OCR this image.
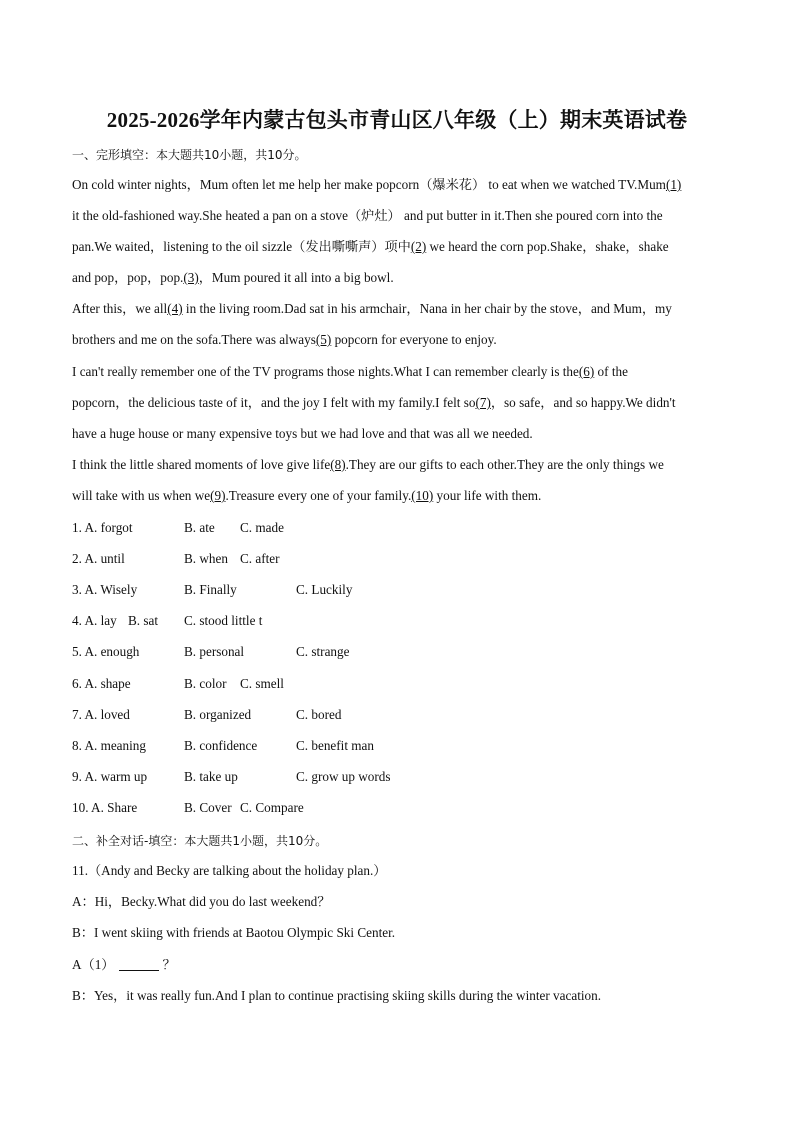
2025-2026学年内蒙古包头市青山区八年级（上）期末英语试卷
一、完形填空：本大题共10小题，共10分。
On cold winter nights，Mum often let me help her make popcorn（爆米花） to eat when we watched TV.Mum(1)
it the old-fashioned way.She heated a pan on a stove（炉灶） and put butter in it.Then she poured corn into the
pan.We waited，listening to the oil sizzle（发出嘶嘶声）项中(2) we heard the corn pop.Shake，shake，shake
and pop，pop，pop.(3)，Mum poured it all into a big bowl.
After this，we all(4) in the living room.Dad sat in his armchair，Nana in her chair by the stove，and Mum，my
brothers and me on the sofa.There was always(5) popcorn for everyone to enjoy.
I can't really remember one of the TV programs those nights.What I can remember clearly is the(6) of the
popcorn，the delicious taste of it，and the joy I felt with my family.I felt so(7)，so safe，and so happy.We didn't
have a huge house or many expensive toys but we had love and that was all we needed.
I think the little shared moments of love give life(8).They are our gifts to each other.They are the only things we
will take with us when we(9).Treasure every one of your family.(10) your life with them.
1. A. forgot	B. ate C. made
2. A. until	B. when C. after
3. A. Wisely	B. Finally	C. Luckily
4. A. lay B. sat C. stood little t
5. A. enough	B. personal	C. strange
6. A. shape	B. color C. smell
7. A. loved	B. organized	C. bored
8. A. meaning	B. confidence	C. benefit man
9. A. warm up	B. take up	C. grow up words
10. A. Share	B. Cover C. Compare
二、补全对话-填空：本大题共1小题，共10分。
11.（Andy and Becky are talking about the holiday plan.）
A：Hi，Becky.What did you do last weekend？
B：I went skiing with friends at Baotou Olympic Ski Center.
A（1）	？
B：Yes，it was really fun.And I plan to continue practising skiing skills during the winter vacation.
